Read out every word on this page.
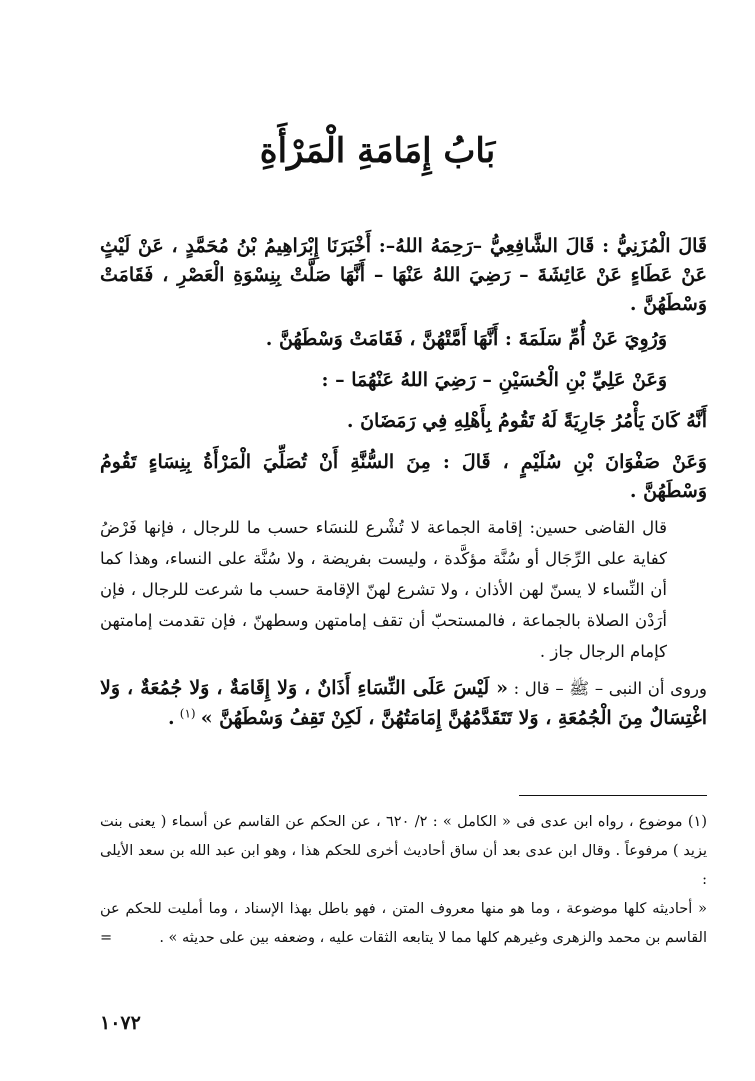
بَابُ إِمَامَةِ الْمَرْأَةِ

قَالَ الْمُزَنِيُّ : قَالَ الشَّافِعِيُّ –رَحِمَهُ اللهُ–: أَخْبَرَنَا إِبْرَاهِيمُ بْنُ مُحَمَّدٍ ، عَنْ لَيْثٍ عَنْ عَطَاءٍ عَنْ عَائِشَةَ – رَضِيَ اللهُ عَنْهَا – أَنَّهَا صَلَّتْ بِنِسْوَةِ الْعَصْرِ ، فَقَامَتْ وَسْطَهُنَّ .

وَرُوِيَ عَنْ أُمِّ سَلَمَةَ : أَنَّهَا أَمَّتْهُنَّ ، فَقَامَتْ وَسْطَهُنَّ .

وَعَنْ عَلِيِّ بْنِ الْحُسَيْنِ – رَضِيَ اللهُ عَنْهُمَا – :

أَنَّهُ كَانَ يَأْمُرُ جَارِيَةً لَهُ تَقُومُ بِأَهْلِهِ فِي رَمَضَانَ .

وَعَنْ صَفْوَانَ بْنِ سُلَيْمٍ ، قَالَ : مِنَ السُّنَّةِ أَنْ تُصَلِّيَ الْمَرْأَةُ بِنِسَاءٍ تَقُومُ وَسْطَهُنَّ .

قال القاضى حسين: إقامة الجماعة لا تُشْرع للنسَاء حسب ما للرجال ، فإنها فَرْضُ كفاية على الرِّجَال أو سُنَّة مؤكَّدة ، وليست بفريضة ، ولا سُنَّة على النساء، وهذا كما أن النِّساء لا يسنّ لهن الأذان ، ولا تشرع لهنّ الإقامة حسب ما شرعت للرجال ، فإن أرَدْن الصلاة بالجماعة ، فالمستحبّ أن تقف إمامتهن وسطهنّ ، فإن تقدمت إمامتهن كإمام الرجال جاز .

وروى أن النبى – ﷺ – قال : « لَيْسَ عَلَى النِّسَاءِ أَذَانٌ ، وَلا إِقَامَةٌ ، وَلا جُمُعَةٌ ، وَلا اغْتِسَالٌ مِنَ الْجُمُعَةِ ، وَلا تَتَقَدَّمُهُنَّ إِمَامَتُهُنَّ ، لَكِنْ تَقِفُ وَسْطَهُنَّ » $^{(١)}$ .

(١) موضوع ، رواه ابن عدى فى « الكامل » : ٢/ ٦٢٠ ، عن الحكم عن القاسم عن أسماء ( يعنى بنت يزيد ) مرفوعاً . وقال ابن عدى بعد أن ساق أحاديث أخرى للحكم هذا ، وهو ابن عبد الله بن سعد الأيلى :

« أحاديثه كلها موضوعة ، وما هو منها معروف المتن ، فهو باطل بهذا الإسناد ، وما أمليت للحكم عن القاسم بن محمد والزهرى وغيرهم كلها مما لا يتابعه الثقات عليه ، وضعفه بين على حديثه » .
=

١٠٧٢
